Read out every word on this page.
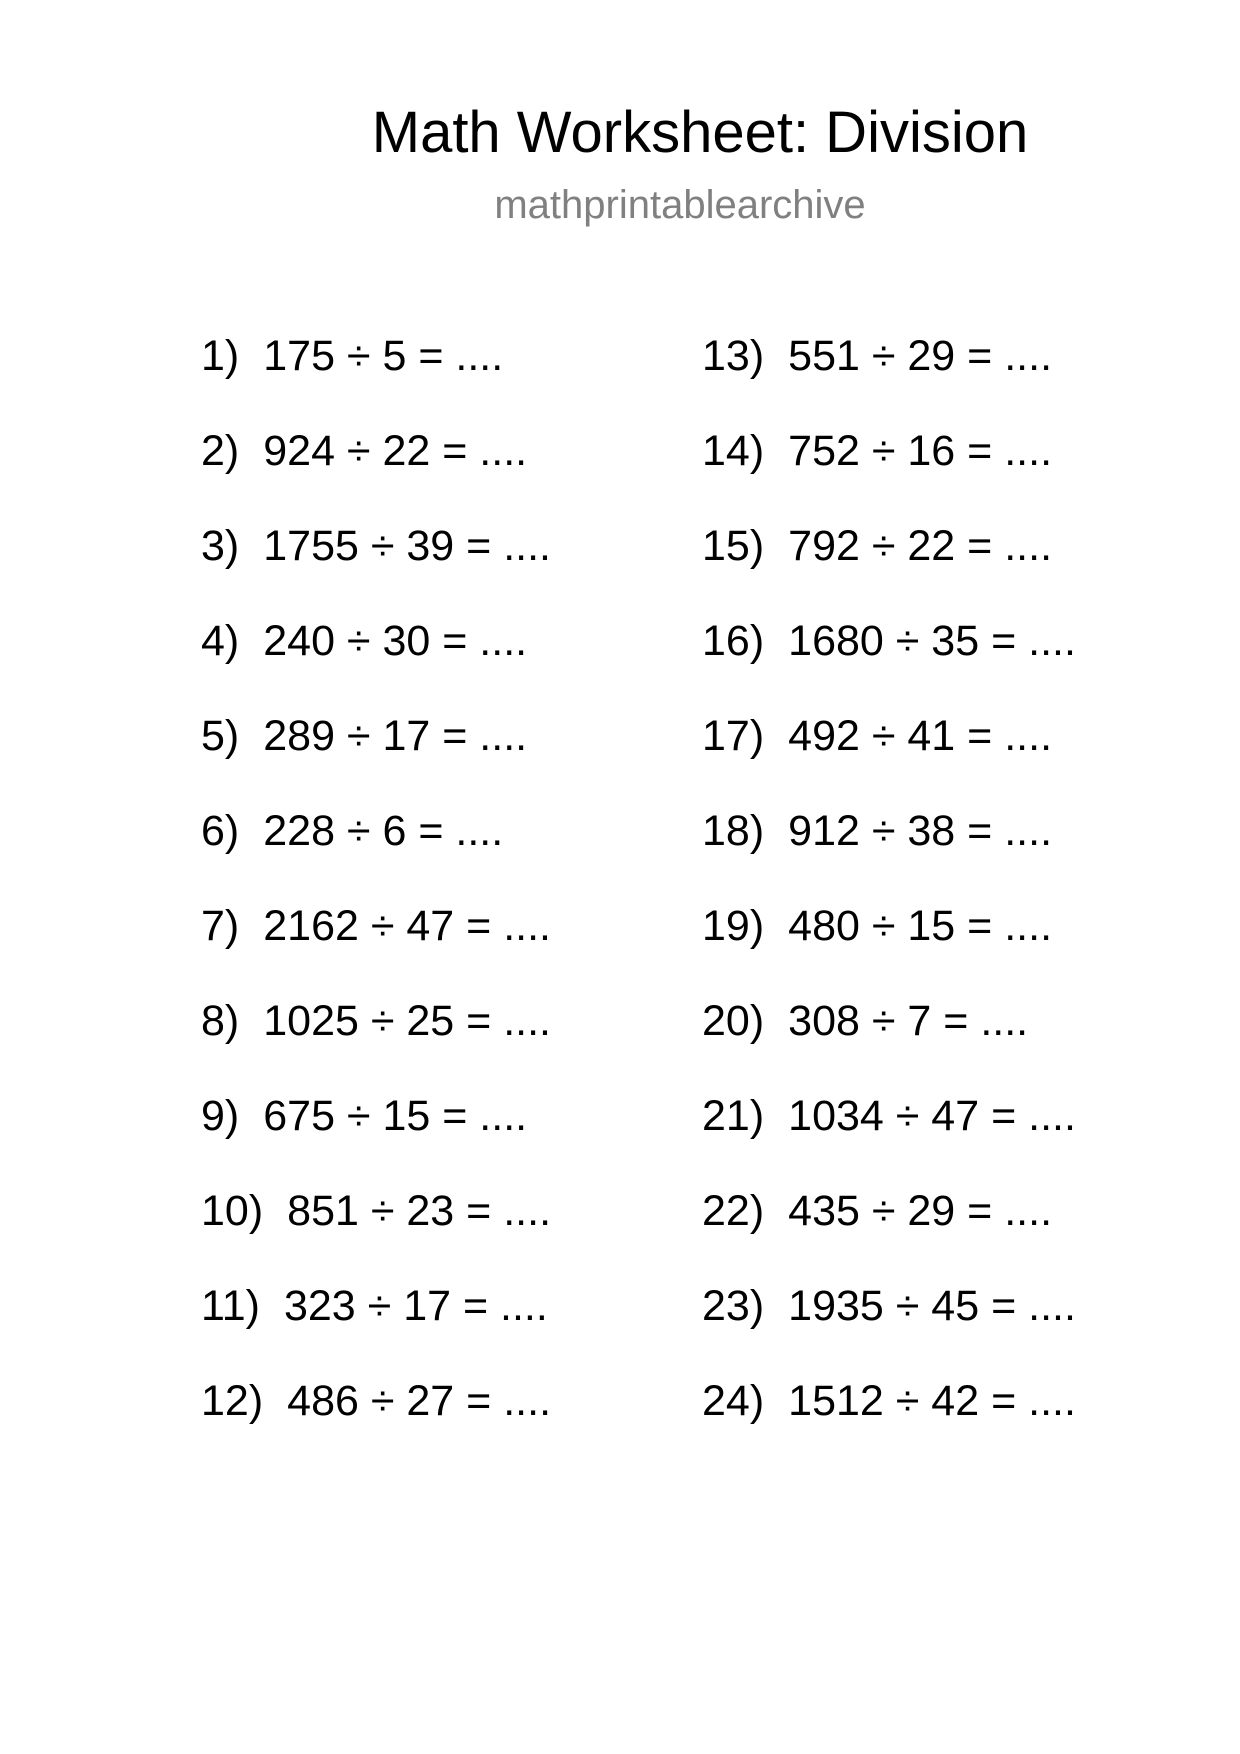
Math Worksheet: Division
mathprintablearchive
1) 175 ÷ 5 = ....
2) 924 ÷ 22 = ....
3) 1755 ÷ 39 = ....
4) 240 ÷ 30 = ....
5) 289 ÷ 17 = ....
6) 228 ÷ 6 = ....
7) 2162 ÷ 47 = ....
8) 1025 ÷ 25 = ....
9) 675 ÷ 15 = ....
10) 851 ÷ 23 = ....
11) 323 ÷ 17 = ....
12) 486 ÷ 27 = ....
13) 551 ÷ 29 = ....
14) 752 ÷ 16 = ....
15) 792 ÷ 22 = ....
16) 1680 ÷ 35 = ....
17) 492 ÷ 41 = ....
18) 912 ÷ 38 = ....
19) 480 ÷ 15 = ....
20) 308 ÷ 7 = ....
21) 1034 ÷ 47 = ....
22) 435 ÷ 29 = ....
23) 1935 ÷ 45 = ....
24) 1512 ÷ 42 = ....
